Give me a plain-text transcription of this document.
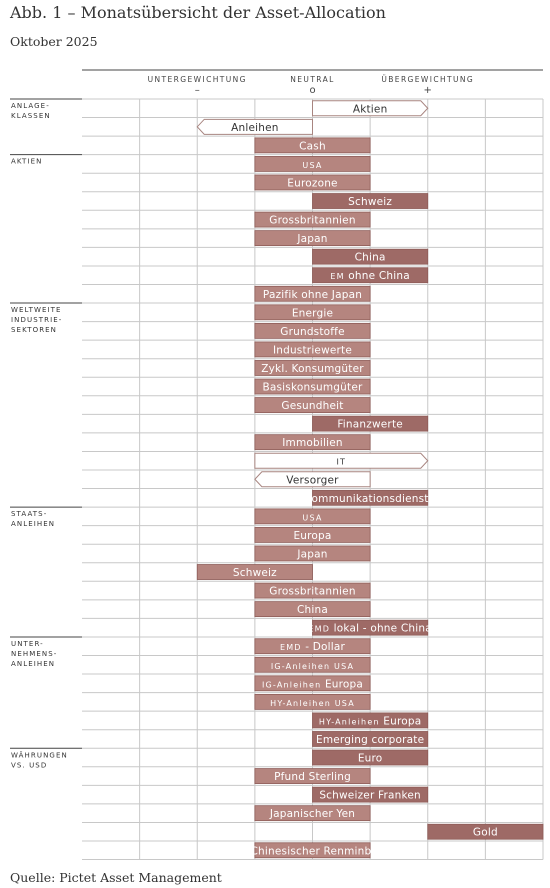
Abb. 1 – Monatsübersicht der Asset-Allocation
Oktober 2025
UNTERGEWICHTUNG
–
NEUTRAL
o
ÜBERGEWICHTUNG
+
ANLAGE-
KLASSEN
AKTIEN
WELTWEITE
INDUSTRIE-
SEKTOREN
STAATS-
ANLEIHEN
UNTER-
NEHMENS-
ANLEIHEN
WÄHRUNGEN
VS. USD
Aktien
Anleihen
Cash
USA
Eurozone
Schweiz
Grossbritannien
Japan
China
EM ohne China
Pazifik ohne Japan
Energie
Grundstoffe
Industriewerte
Zykl. Konsumgüter
Basiskonsumgüter
Gesundheit
Finanzwerte
Immobilien
IT
Versorger
Kommunikationsdienste
USA
Europa
Japan
Schweiz
Grossbritannien
China
EMD lokal - ohne China
EMD - Dollar
IG-Anleihen USA
IG-Anleihen Europa
HY-Anleihen USA
HY-Anleihen Europa
Emerging corporate
Euro
Pfund Sterling
Schweizer Franken
Japanischer Yen
Gold
Chinesischer Renminbi
Quelle: Pictet Asset Management
